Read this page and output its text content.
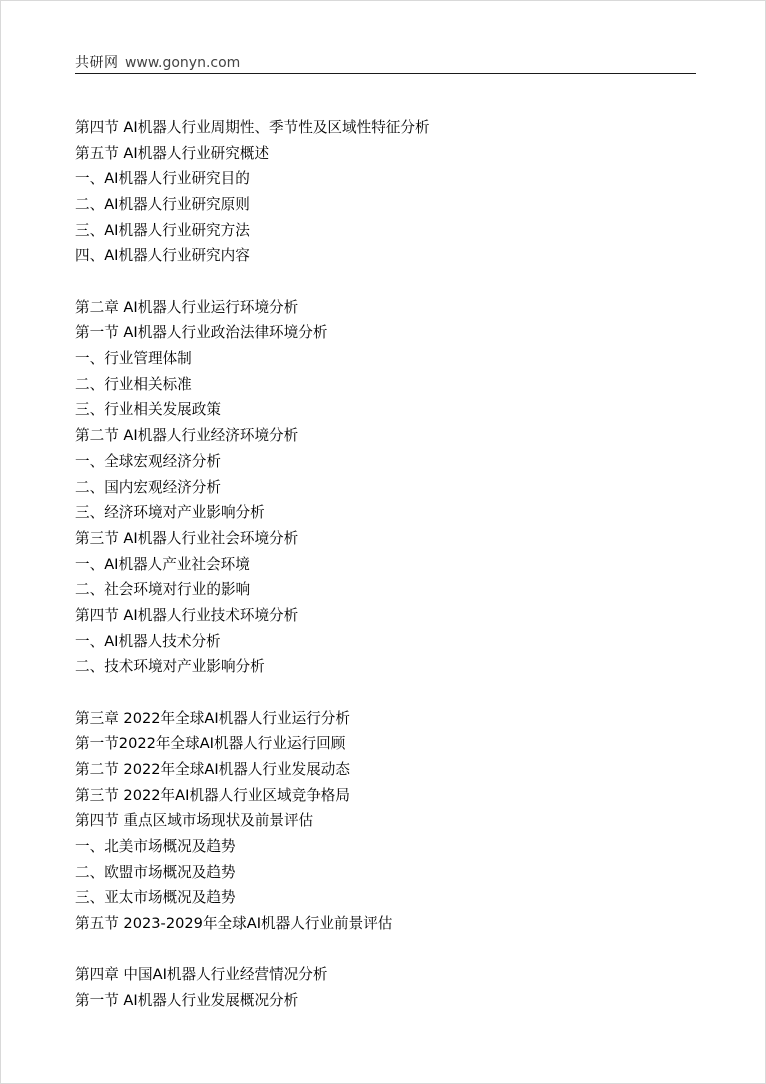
共研网 www.gonyn.com
第四节 AI机器人行业周期性、季节性及区域性特征分析
第五节 AI机器人行业研究概述
一、AI机器人行业研究目的
二、AI机器人行业研究原则
三、AI机器人行业研究方法
四、AI机器人行业研究内容
第二章 AI机器人行业运行环境分析
第一节 AI机器人行业政治法律环境分析
一、行业管理体制
二、行业相关标准
三、行业相关发展政策
第二节 AI机器人行业经济环境分析
一、全球宏观经济分析
二、国内宏观经济分析
三、经济环境对产业影响分析
第三节 AI机器人行业社会环境分析
一、AI机器人产业社会环境
二、社会环境对行业的影响
第四节 AI机器人行业技术环境分析
一、AI机器人技术分析
二、技术环境对产业影响分析
第三章 2022年全球AI机器人行业运行分析
第一节2022年全球AI机器人行业运行回顾
第二节 2022年全球AI机器人行业发展动态
第三节 2022年AI机器人行业区域竞争格局
第四节 重点区域市场现状及前景评估
一、北美市场概况及趋势
二、欧盟市场概况及趋势
三、亚太市场概况及趋势
第五节 2023-2029年全球AI机器人行业前景评估
第四章 中国AI机器人行业经营情况分析
第一节 AI机器人行业发展概况分析
